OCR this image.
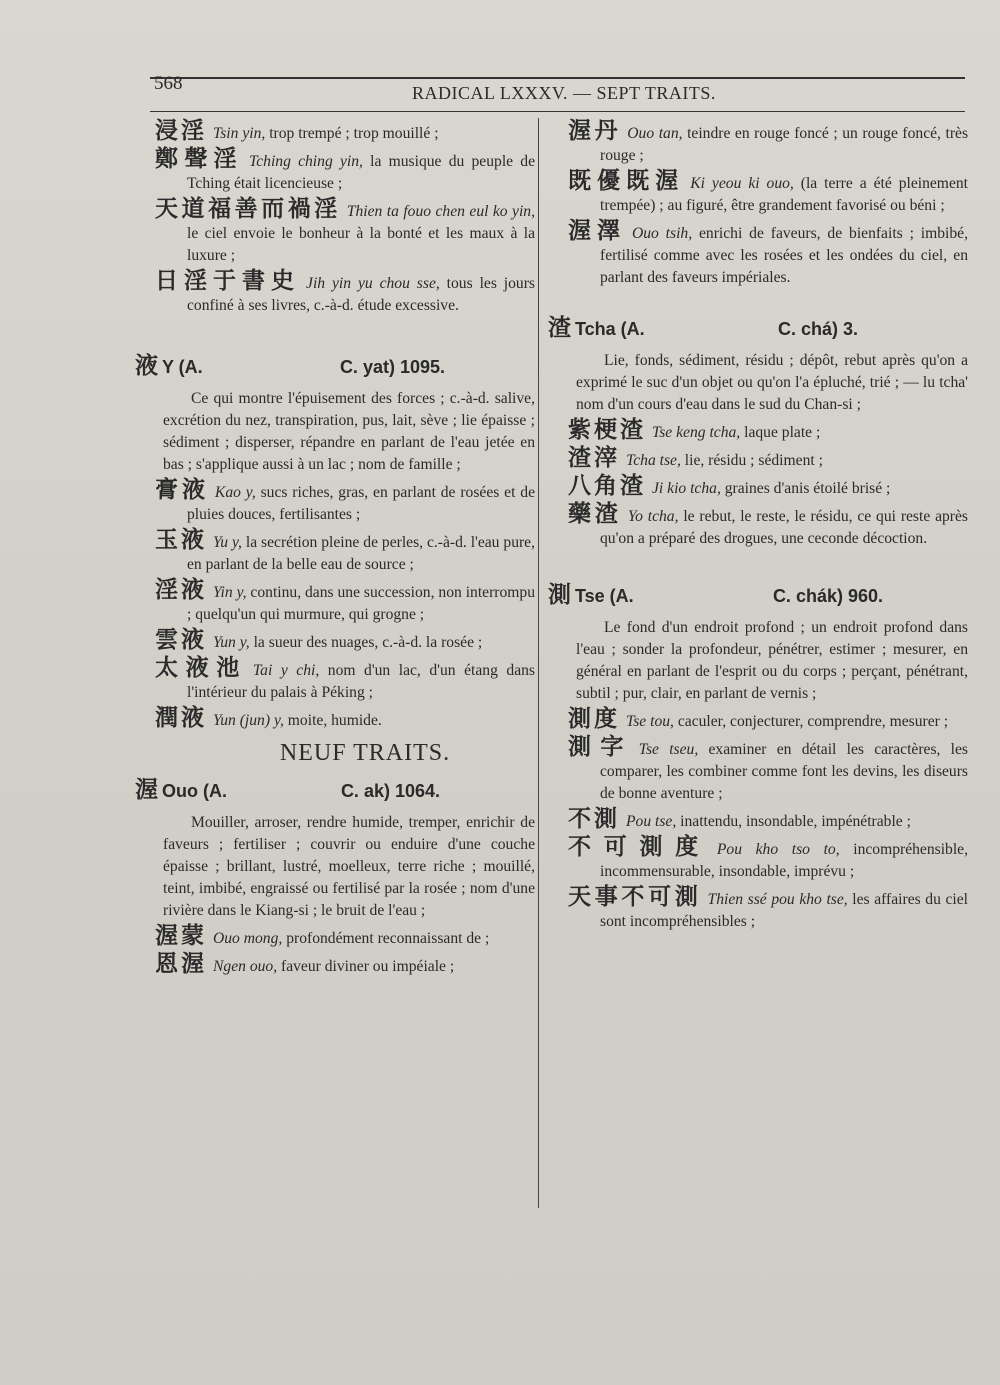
568	RADICAL LXXXV. — SEPT TRAITS.

浸淫 Tsin yin, trop trempé ; trop mouillé ;

鄭聲淫 Tching ching yin, la musique du peuple de Tching était licencieuse ;

天道福善而禍淫 Thien ta fouo chen eul ko yin, le ciel envoie le bonheur à la bonté et les maux à la luxure ;

日淫于書史 Jih yin yu chou sse, tous les jours confiné à ses livres, c.-à-d. étude excessive.

液 Y (A.	C. yat) 1095.

Ce qui montre l'épuisement des forces ; c.-à-d. salive, excrétion du nez, transpiration, pus, lait, sève ; lie épaisse ; sédiment ; disperser, répandre en parlant de l'eau jetée en bas ; s'applique aussi à un lac ; nom de famille ;

膏液 Kao y, sucs riches, gras, en parlant de rosées et de pluies douces, fertilisantes ;

玉液 Yu y, la secrétion pleine de perles, c.-à-d. l'eau pure, en parlant de la belle eau de source ;

淫液 Yin y, continu, dans une succession, non interrompu ; quelqu'un qui murmure, qui grogne ;

雲液 Yun y, la sueur des nuages, c.-à-d. la rosée ;

太液池 Tai y chi, nom d'un lac, d'un étang dans l'intérieur du palais à Péking ;

潤液 Yun (jun) y, moite, humide.

NEUF TRAITS.
渥 Ouo (A.	C. ak) 1064.

Mouiller, arroser, rendre humide, tremper, enrichir de faveurs ; fertiliser ; couvrir ou enduire d'une couche épaisse ; brillant, lustré, moelleux, terre riche ; mouillé, teint, imbibé, engraissé ou fertilisé par la rosée ; nom d'une rivière dans le Kiang-si ; le bruit de l'eau ;

渥蒙 Ouo mong, profondément reconnaissant de ;

恩渥 Ngen ouo, faveur diviner ou impéiale ;

渥丹 Ouo tan, teindre en rouge foncé ; un rouge foncé, très rouge ;

既優既渥 Ki yeou ki ouo, (la terre a été pleinement trempée) ; au figuré, être grandement favorisé ou béni ;

渥澤 Ouo tsih, enrichi de faveurs, de bienfaits ; imbibé, fertilisé comme avec les rosées et les ondées du ciel, en parlant des faveurs impériales.

渣 Tcha (A.	C. chá) 3.

Lie, fonds, sédiment, résidu ; dépôt, rebut après qu'on a exprimé le suc d'un objet ou qu'on l'a épluché, trié ; — lu tcha' nom d'un cours d'eau dans le sud du Chan-si ;

紫梗渣 Tse keng tcha, laque plate ;

渣滓 Tcha tse, lie, résidu ; sédiment ;

八角渣 Ji kio tcha, graines d'anis étoilé brisé ;

藥渣 Yo tcha, le rebut, le reste, le résidu, ce qui reste après qu'on a préparé des drogues, une ceconde décoction.

測 Tse (A.	C. chák) 960.

Le fond d'un endroit profond ; un endroit profond dans l'eau ; sonder la profondeur, pénétrer, estimer ; mesurer, en général en parlant de l'esprit ou du corps ; perçant, pénétrant, subtil ; pur, clair, en parlant de vernis ;

測度 Tse tou, caculer, conjecturer, comprendre, mesurer ;

測字 Tse tseu, examiner en détail les caractères, les comparer, les combiner comme font les devins, les diseurs de bonne aventure ;

不測 Pou tse, inattendu, insondable, impénétrable ;

不可測度 Pou kho tso to, incompréhensible, incommensurable, insondable, imprévu ;

天事不可測 Thien ssé pou kho tse, les affaires du ciel sont incompréhensibles ;
